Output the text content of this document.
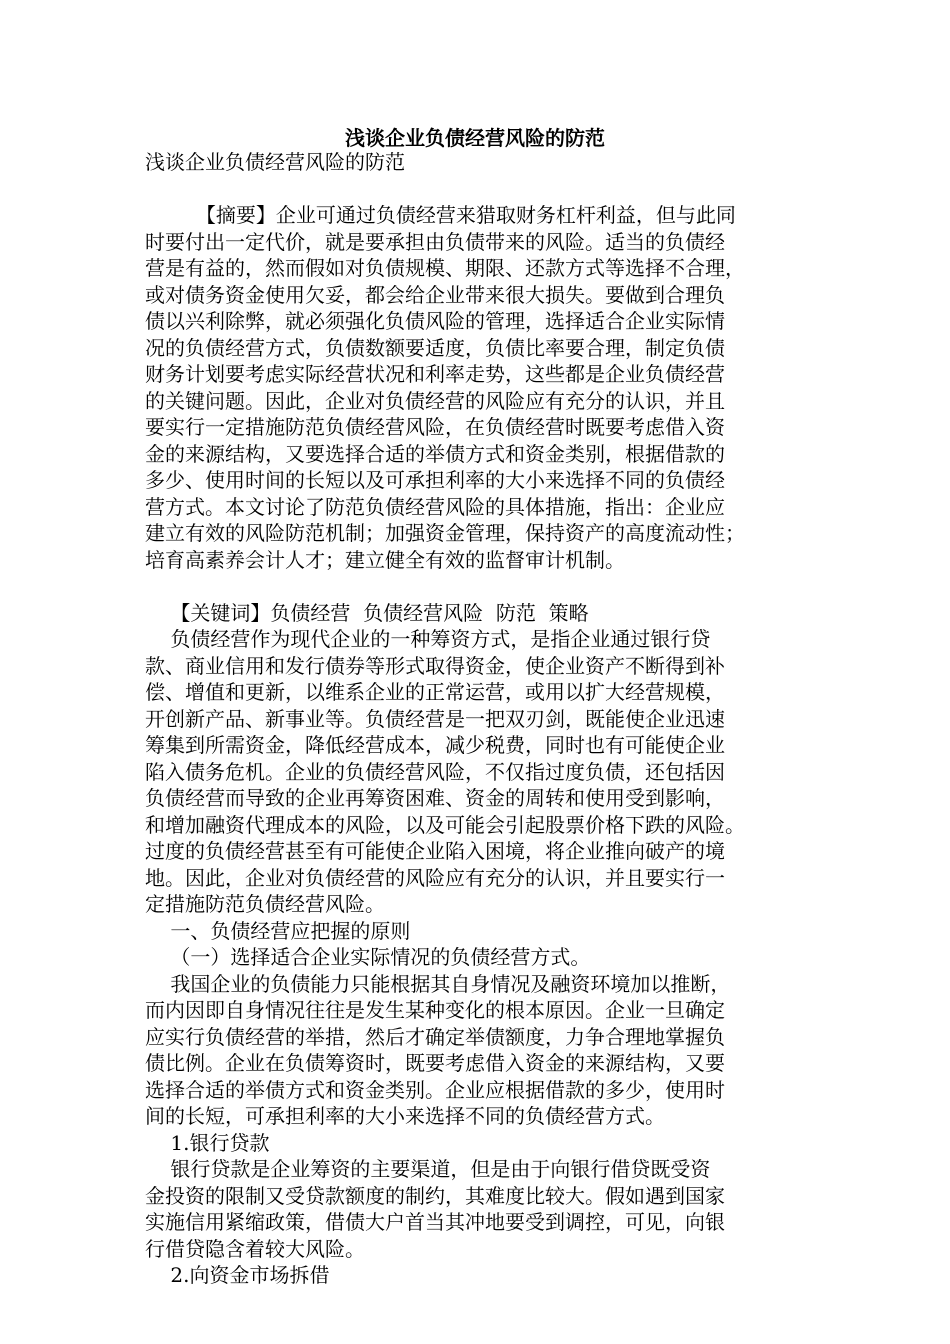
浅谈企业负债经营风险的防范
浅谈企业负债经营风险的防范
【摘要】企业可通过负债经营来猎取财务杠杆利益，但与此同
时要付出一定代价，就是要承担由负债带来的风险。适当的负债经
营是有益的，然而假如对负债规模、期限、还款方式等选择不合理，
或对债务资金使用欠妥，都会给企业带来很大损失。要做到合理负
债以兴利除弊，就必须强化负债风险的管理，选择适合企业实际情
况的负债经营方式，负债数额要适度，负债比率要合理，制定负债
财务计划要考虑实际经营状况和利率走势，这些都是企业负债经营
的关键问题。因此，企业对负债经营的风险应有充分的认识，并且
要实行一定措施防范负债经营风险，在负债经营时既要考虑借入资
金的来源结构，又要选择合适的举债方式和资金类别，根据借款的
多少、使用时间的长短以及可承担利率的大小来选择不同的负债经
营方式。本文讨论了防范负债经营风险的具体措施，指出：企业应
建立有效的风险防范机制；加强资金管理，保持资产的高度流动性；
培育高素养会计人才；建立健全有效的监督审计机制。
【关键词】负债经营  负债经营风险  防范  策略
负债经营作为现代企业的一种筹资方式，是指企业通过银行贷
款、商业信用和发行债券等形式取得资金，使企业资产不断得到补
偿、增值和更新，以维系企业的正常运营，或用以扩大经营规模，
开创新产品、新事业等。负债经营是一把双刃剑，既能使企业迅速
筹集到所需资金，降低经营成本，减少税费，同时也有可能使企业
陷入债务危机。企业的负债经营风险，不仅指过度负债，还包括因
负债经营而导致的企业再筹资困难、资金的周转和使用受到影响，
和增加融资代理成本的风险，以及可能会引起股票价格下跌的风险。
过度的负债经营甚至有可能使企业陷入困境，将企业推向破产的境
地。因此，企业对负债经营的风险应有充分的认识，并且要实行一
定措施防范负债经营风险。
一、负债经营应把握的原则
（一）选择适合企业实际情况的负债经营方式。
我国企业的负债能力只能根据其自身情况及融资环境加以推断，
而内因即自身情况往往是发生某种变化的根本原因。企业一旦确定
应实行负债经营的举措，然后才确定举债额度，力争合理地掌握负
债比例。企业在负债筹资时，既要考虑借入资金的来源结构，又要
选择合适的举债方式和资金类别。企业应根据借款的多少，使用时
间的长短，可承担利率的大小来选择不同的负债经营方式。
1.银行贷款
银行贷款是企业筹资的主要渠道，但是由于向银行借贷既受资
金投资的限制又受贷款额度的制约，其难度比较大。假如遇到国家
实施信用紧缩政策，借债大户首当其冲地要受到调控，可见，向银
行借贷隐含着较大风险。
2.向资金市场拆借
